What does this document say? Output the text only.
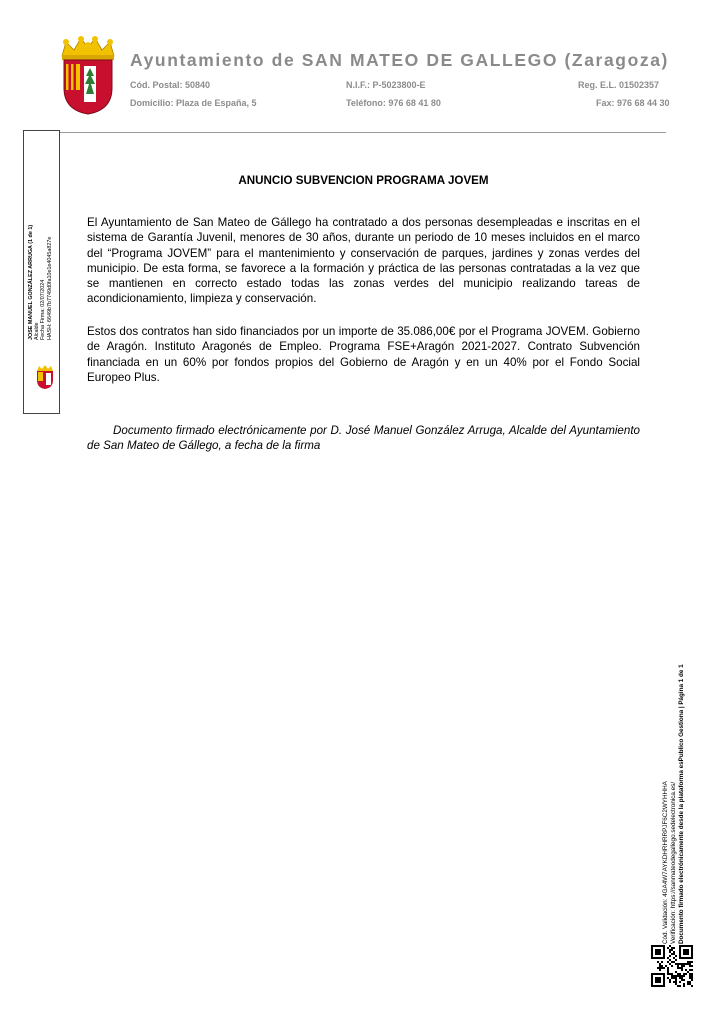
Ayuntamiento de SAN MATEO DE GALLEGO (Zaragoza)
Cód. Postal: 50840	N.I.F.: P-5023800-E	Reg. E.L. 01502357
Domicilio: Plaza de España, 5	Teléfono: 976 68 41 80	Fax: 976 68 44 30
JOSE MANUEL GONZÁLEZ ARRUGA (1 de 1) Alcalde Fecha Firma: 02/07/2024 HASH: 6649b7b7749d0fa10e1e4045a827e
ANUNCIO SUBVENCION PROGRAMA JOVEM
El Ayuntamiento de San Mateo de Gállego ha contratado a dos personas desempleadas e inscritas en el sistema de Garantía Juvenil, menores de 30 años, durante un periodo de 10 meses incluidos en el marco del “Programa JOVEM” para el mantenimiento y conservación de parques, jardines y zonas verdes del municipio. De esta forma, se favorece a la formación y práctica de las personas contratadas a la vez que se mantienen en correcto estado todas las zonas verdes del municipio realizando tareas de acondicionamiento, limpieza y conservación.
Estos dos contratos han sido financiados por un importe de 35.086,00€ por el Programa JOVEM. Gobierno de Aragón. Instituto Aragonés de Empleo. Programa FSE+Aragón 2021-2027. Contrato Subvención financiada en un 60% por fondos propios del Gobierno de Aragón y en un 40% por el Fondo Social Europeo Plus.
Documento firmado electrónicamente por D. José Manuel González Arruga, Alcalde del Ayuntamiento de San Mateo de Gállego, a fecha de la firma
Cód. Validación: 4GA4W7AYKDHRHRRPJF6C2WYHHHA Verificación: https://sanmateodegallego.sedelectronica.es/ Documento firmado electrónicamente desde la plataforma esPublico Gestiona | Página 1 de 1
